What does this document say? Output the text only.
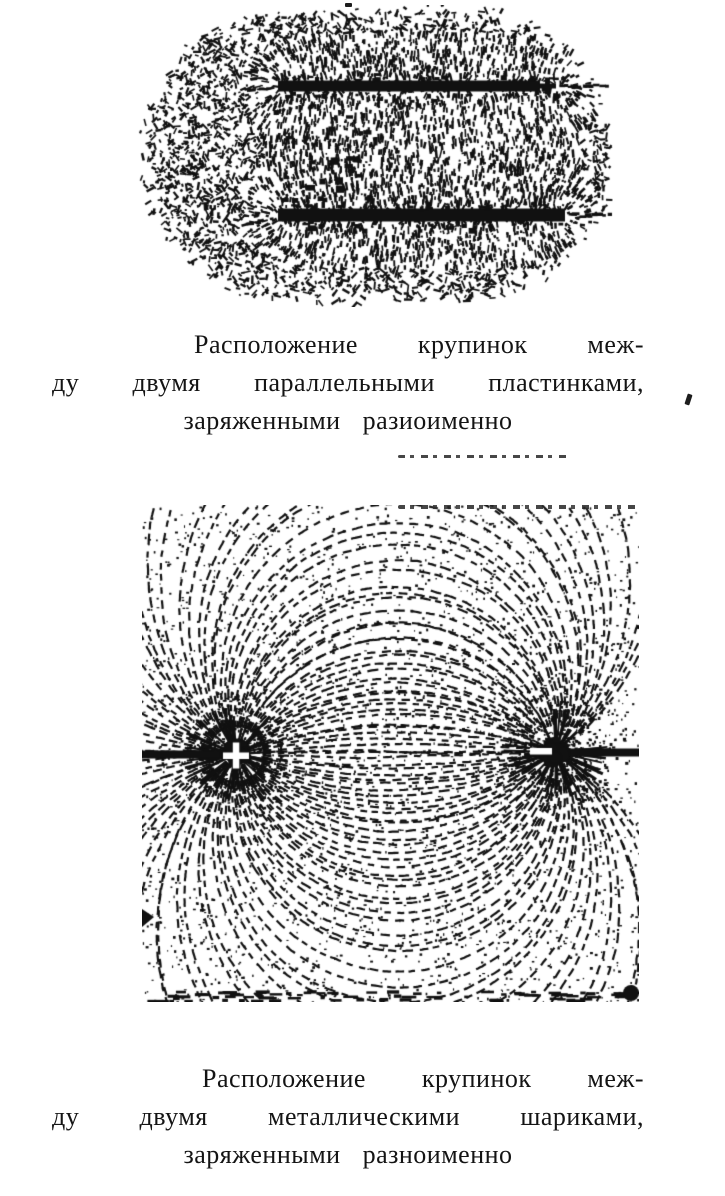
Расположение крупинок меж-
ду двумя параллельными пластинками,
заряженными разиоименно
Расположение крупинок меж-
ду двумя металлическими шариками,
заряженными разноименно
